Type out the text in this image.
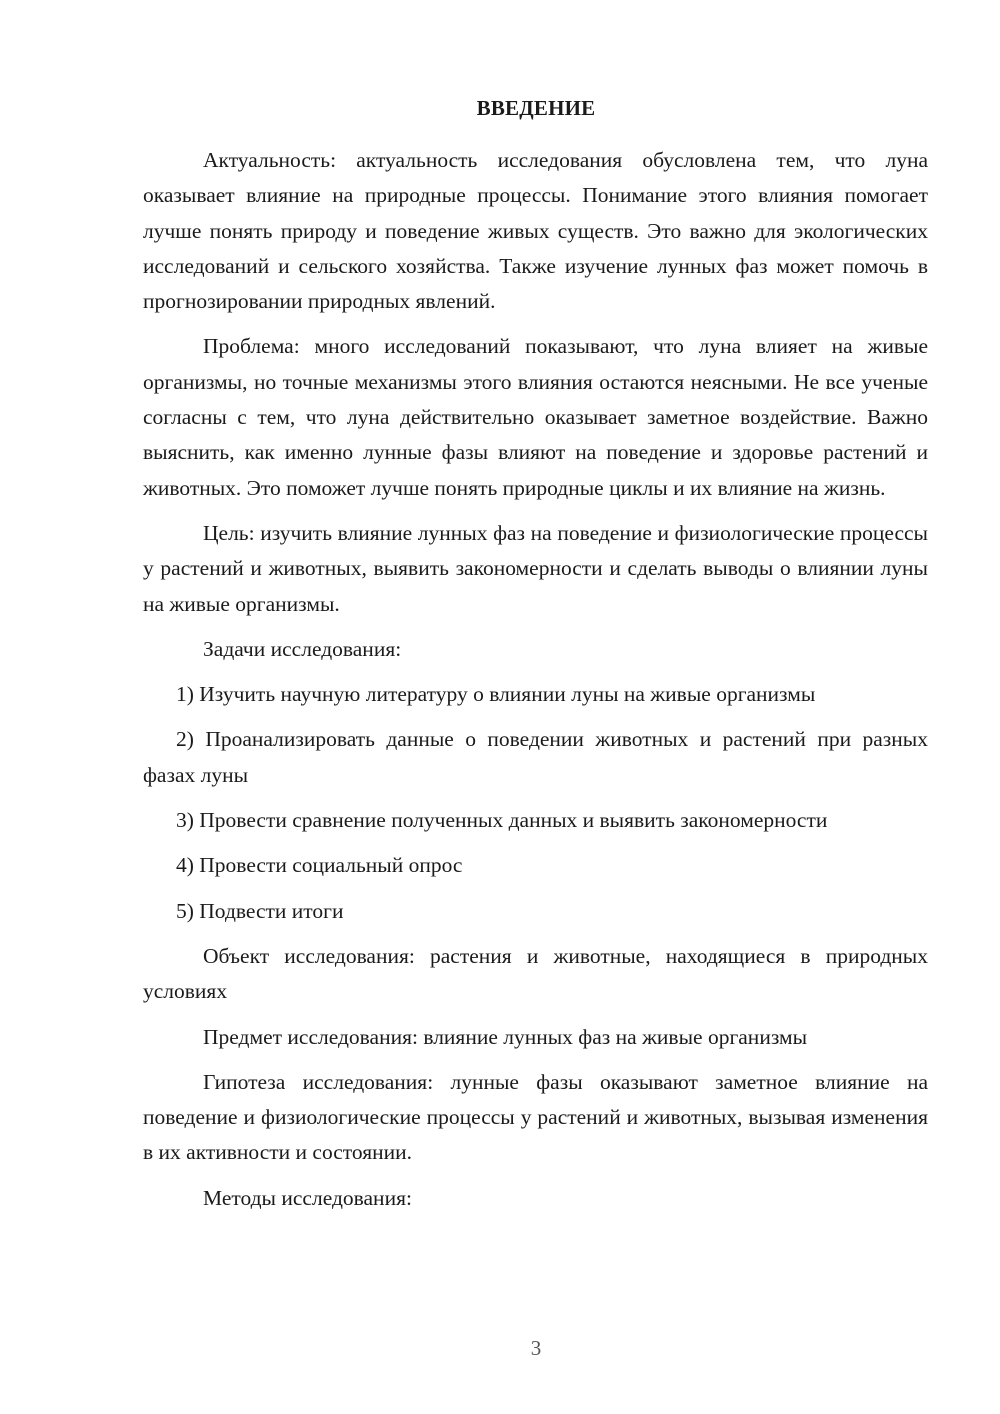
ВВЕДЕНИЕ

Актуальность: актуальность исследования обусловлена тем, что луна оказывает влияние на природные процессы. Понимание этого влияния помогает лучше понять природу и поведение живых существ. Это важно для экологических исследований и сельского хозяйства. Также изучение лунных фаз может помочь в прогнозировании природных явлений.

Проблема: много исследований показывают, что луна влияет на живые организмы, но точные механизмы этого влияния остаются неясными. Не все ученые согласны с тем, что луна действительно оказывает заметное воздействие. Важно выяснить, как именно лунные фазы влияют на поведение и здоровье растений и животных. Это поможет лучше понять природные циклы и их влияние на жизнь.

Цель: изучить влияние лунных фаз на поведение и физиологические процессы у растений и животных, выявить закономерности и сделать выводы о влиянии луны на живые организмы.

Задачи исследования:

1) Изучить научную литературу о влиянии луны на живые организмы

2) Проанализировать данные о поведении животных и растений при разных фазах луны

3) Провести сравнение полученных данных и выявить закономерности

4) Провести социальный опрос

5) Подвести итоги

Объект исследования: растения и животные, находящиеся в природных условиях

Предмет исследования: влияние лунных фаз на живые организмы

Гипотеза исследования: лунные фазы оказывают заметное влияние на поведение и физиологические процессы у растений и животных, вызывая изменения в их активности и состоянии.

Методы исследования:

3
